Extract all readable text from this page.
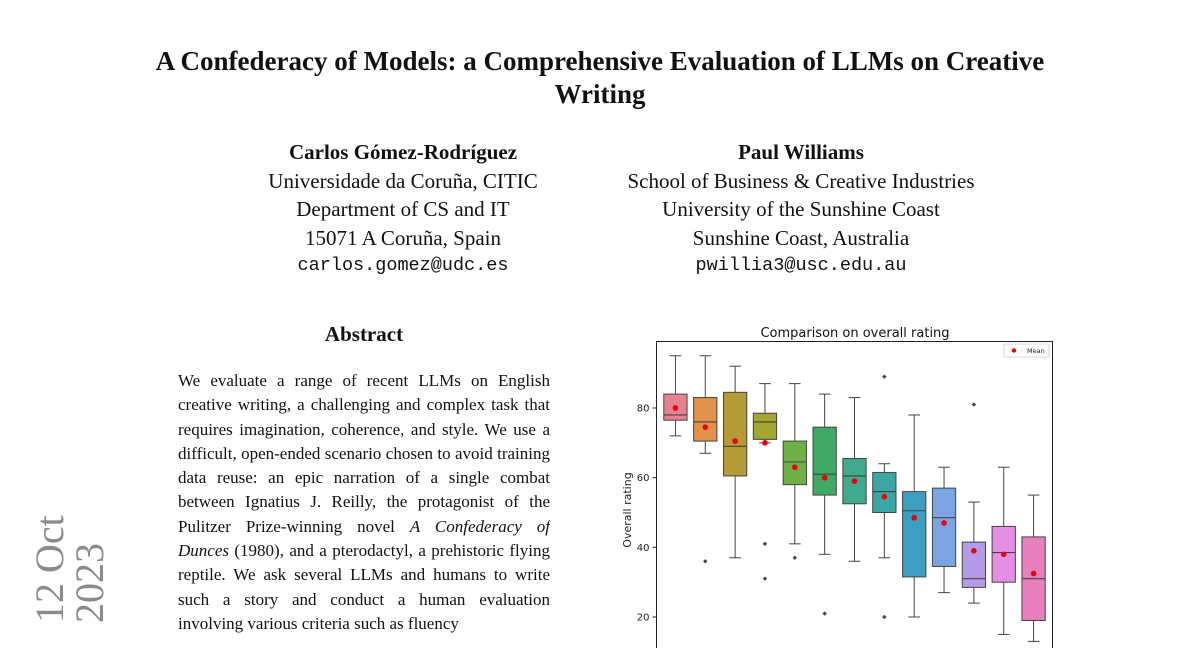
12 Oct 2023
A Confederacy of Models: a Comprehensive Evaluation of LLMs on Creative Writing
Carlos Gómez-Rodríguez
Universidade da Coruña, CITIC
Department of CS and IT
15071 A Coruña, Spain
carlos.gomez@udc.es
Paul Williams
School of Business & Creative Industries
University of the Sunshine Coast
Sunshine Coast, Australia
pwillia3@usc.edu.au
Abstract
We evaluate a range of recent LLMs on English creative writing, a challenging and complex task that requires imagination, coherence, and style. We use a difficult, open-ended scenario chosen to avoid training data reuse: an epic narration of a single combat between Ignatius J. Reilly, the protagonist of the Pulitzer Prize-winning novel A Confederacy of Dunces (1980), and a pterodactyl, a prehistoric flying reptile. We ask several LLMs and humans to write such a story and conduct a human evaluation involving various criteria such as fluency
Comparison on overall rating
Overall rating
20
40
60
80
Mean
